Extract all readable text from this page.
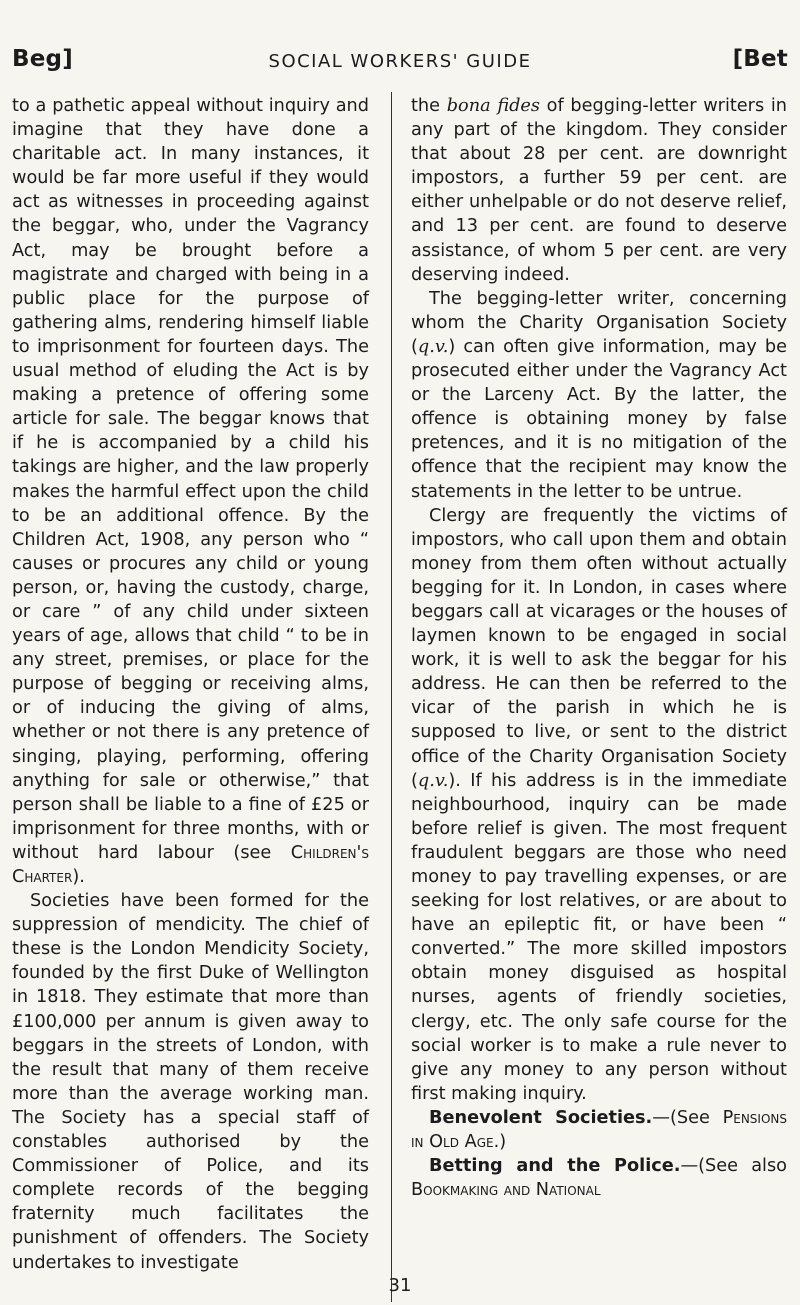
Beg]	SOCIAL WORKERS' GUIDE	[Bet

to a pathetic appeal without inquiry and imagine that they have done a charitable act. In many instances, it would be far more useful if they would act as witnesses in proceeding against the beggar, who, under the Vagrancy Act, may be brought before a magistrate and charged with being in a public place for the purpose of gathering alms, rendering himself liable to imprisonment for fourteen days. The usual method of eluding the Act is by making a pretence of offering some article for sale. The beggar knows that if he is accompanied by a child his takings are higher, and the law properly makes the harmful effect upon the child to be an additional offence. By the Children Act, 1908, any person who “ causes or procures any child or young person, or, having the custody, charge, or care ” of any child under sixteen years of age, allows that child “ to be in any street, premises, or place for the purpose of begging or receiving alms, or of inducing the giving of alms, whether or not there is any pretence of singing, playing, performing, offering anything for sale or otherwise,” that person shall be liable to a fine of £25 or imprisonment for three months, with or without hard labour (see Children's Charter).

Societies have been formed for the suppression of mendicity. The chief of these is the London Mendicity Society, founded by the first Duke of Wellington in 1818. They estimate that more than £100,000 per annum is given away to beggars in the streets of London, with the result that many of them receive more than the average working man. The Society has a special staff of constables authorised by the Commissioner of Police, and its complete records of the begging fraternity much facilitates the punishment of offenders. The Society undertakes to investigate

the bona fides of begging-letter writers in any part of the kingdom. They consider that about 28 per cent. are downright impostors, a further 59 per cent. are either unhelpable or do not deserve relief, and 13 per cent. are found to deserve assistance, of whom 5 per cent. are very deserving indeed.

The begging-letter writer, concerning whom the Charity Organisation Society (q.v.) can often give information, may be prosecuted either under the Vagrancy Act or the Larceny Act. By the latter, the offence is obtaining money by false pretences, and it is no mitigation of the offence that the recipient may know the statements in the letter to be untrue.

Clergy are frequently the victims of impostors, who call upon them and obtain money from them often without actually begging for it. In London, in cases where beggars call at vicarages or the houses of laymen known to be engaged in social work, it is well to ask the beggar for his address. He can then be referred to the vicar of the parish in which he is supposed to live, or sent to the district office of the Charity Organisation Society (q.v.). If his address is in the immediate neighbourhood, inquiry can be made before relief is given. The most frequent fraudulent beggars are those who need money to pay travelling expenses, or are seeking for lost relatives, or are about to have an epileptic fit, or have been “ converted.” The more skilled impostors obtain money disguised as hospital nurses, agents of friendly societies, clergy, etc. The only safe course for the social worker is to make a rule never to give any money to any person without first making inquiry.

Benevolent Societies.—(See Pensions in Old Age.)

Betting and the Police.—(See also Bookmaking and National

31
